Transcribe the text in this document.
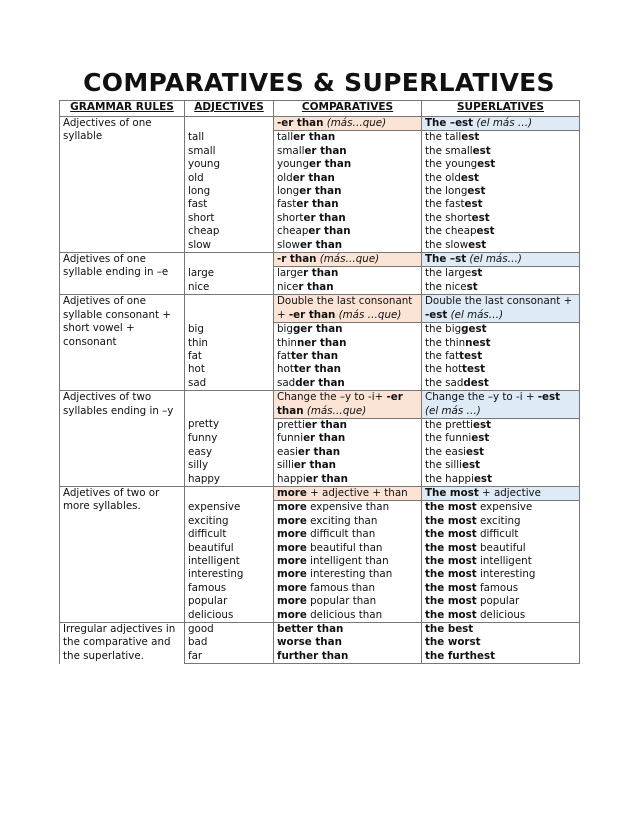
COMPARATIVES & SUPERLATIVES
GRAMMAR RULES	ADJECTIVES	COMPARATIVES	SUPERLATIVES
Adjectives of one syllable		-er than (más…que)	The –est (el más …)
	tall	taller than	the tallest
	small	smaller than	the smallest
	young	younger than	the youngest
	old	older than	the oldest
	long	longer than	the longest
	fast	faster than	the fastest
	short	shorter than	the shortest
	cheap	cheaper than	the cheapest
	slow	slower than	the slowest
Adjetives of one syllable ending in –e		-r than (más…que)	The –st (el más…)
	large	larger than	the largest
	nice	nicer than	the nicest
Adjetives of one syllable consonant + short vowel + consonant		Double the last consonant + -er than (más …que)	Double the last consonant + -est (el más…)
	big	bigger than	the biggest
	thin	thinner than	the thinnest
	fat	fatter than	the fattest
	hot	hotter than	the hottest
	sad	sadder than	the saddest
Adjectives of two syllables ending in –y		Change the –y to -i+ -er than (más…que)	Change the –y to -i + -est (el más …)
	pretty	prettier than	the prettiest
	funny	funnier than	the funniest
	easy	easier than	the easiest
	silly	sillier than	the silliest
	happy	happier than	the happiest
Adjetives of two or more syllables.		more + adjective + than	The most + adjective
	expensive	more expensive than	the most expensive
	exciting	more exciting than	the most exciting
	difficult	more difficult than	the most difficult
	beautiful	more beautiful than	the most beautiful
	intelligent	more intelligent than	the most intelligent
	interesting	more interesting than	the most interesting
	famous	more famous than	the most famous
	popular	more popular than	the most popular
	delicious	more delicious than	the most delicious
Irregular adjectives in the comparative and the superlative.	good	better than	the best
	bad	worse than	the worst
	far	further than	the furthest
